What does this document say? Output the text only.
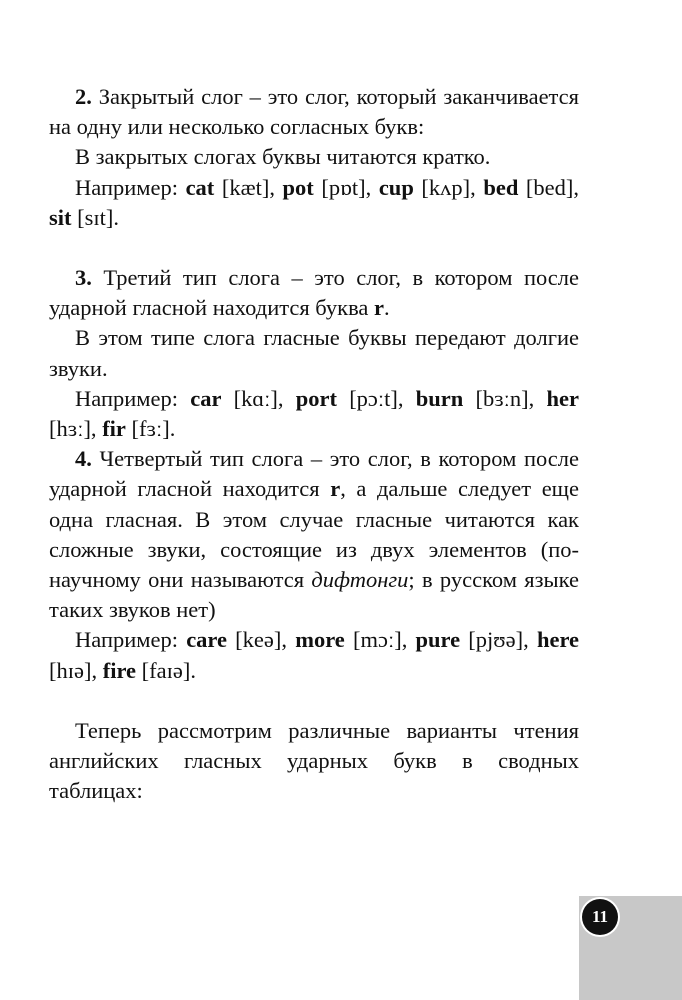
2. Закрытый слог – это слог, который заканчивается на одну или несколько согласных букв:

В закрытых слогах буквы читаются кратко.

Например: cat [kæt], pot [pɒt], cup [kʌp], bed [bed], sit [sɪt].

3. Третий тип слога – это слог, в котором после ударной гласной находится буква r.

В этом типе слога гласные буквы передают долгие звуки.

Например: car [kɑː], port [pɔːt], burn [bɜːn], her [hɜː], fir [fɜː].

4. Четвертый тип слога – это слог, в котором после ударной гласной находится r, а дальше следует еще одна гласная. В этом случае гласные читаются как сложные звуки, состоящие из двух элементов (по-научному они называются дифтонги; в русском языке таких звуков нет)

Например: care [keə], more [mɔː], pure [pjʊə], here [hɪə], fire [faɪə].

Теперь рассмотрим различные варианты чтения английских гласных ударных букв в сводных таблицах:

11
